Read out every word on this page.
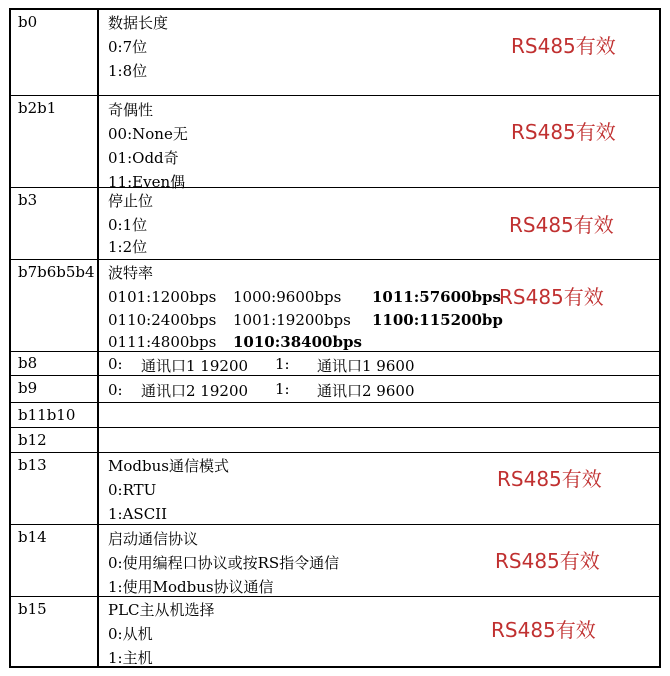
b0	数据长度
0:7位
1:8位
RS485有效
b2b1	奇偶性
00:None无
01:Odd奇
11:Even偶
RS485有效
b3	停止位
0:1位
1:2位
RS485有效
b7b6b5b4 波特率
0101:1200bps 1000:9600bps 1011:57600bps
0110:2400bps 1001:19200bps 1100:115200bp
0111:4800bps 1010:38400bps
RS485有效
b8	0: 通讯口1 19200 1: 通讯口1 9600
b9	0: 通讯口2 19200 1: 通讯口2 9600
b11b10
b12
b13	Modbus通信模式
0:RTU
1:ASCII
RS485有效
b14	启动通信协议
0:使用编程口协议或按RS指令通信
1:使用Modbus协议通信
RS485有效
b15	PLC主从机选择
0:从机
1:主机
RS485有效
